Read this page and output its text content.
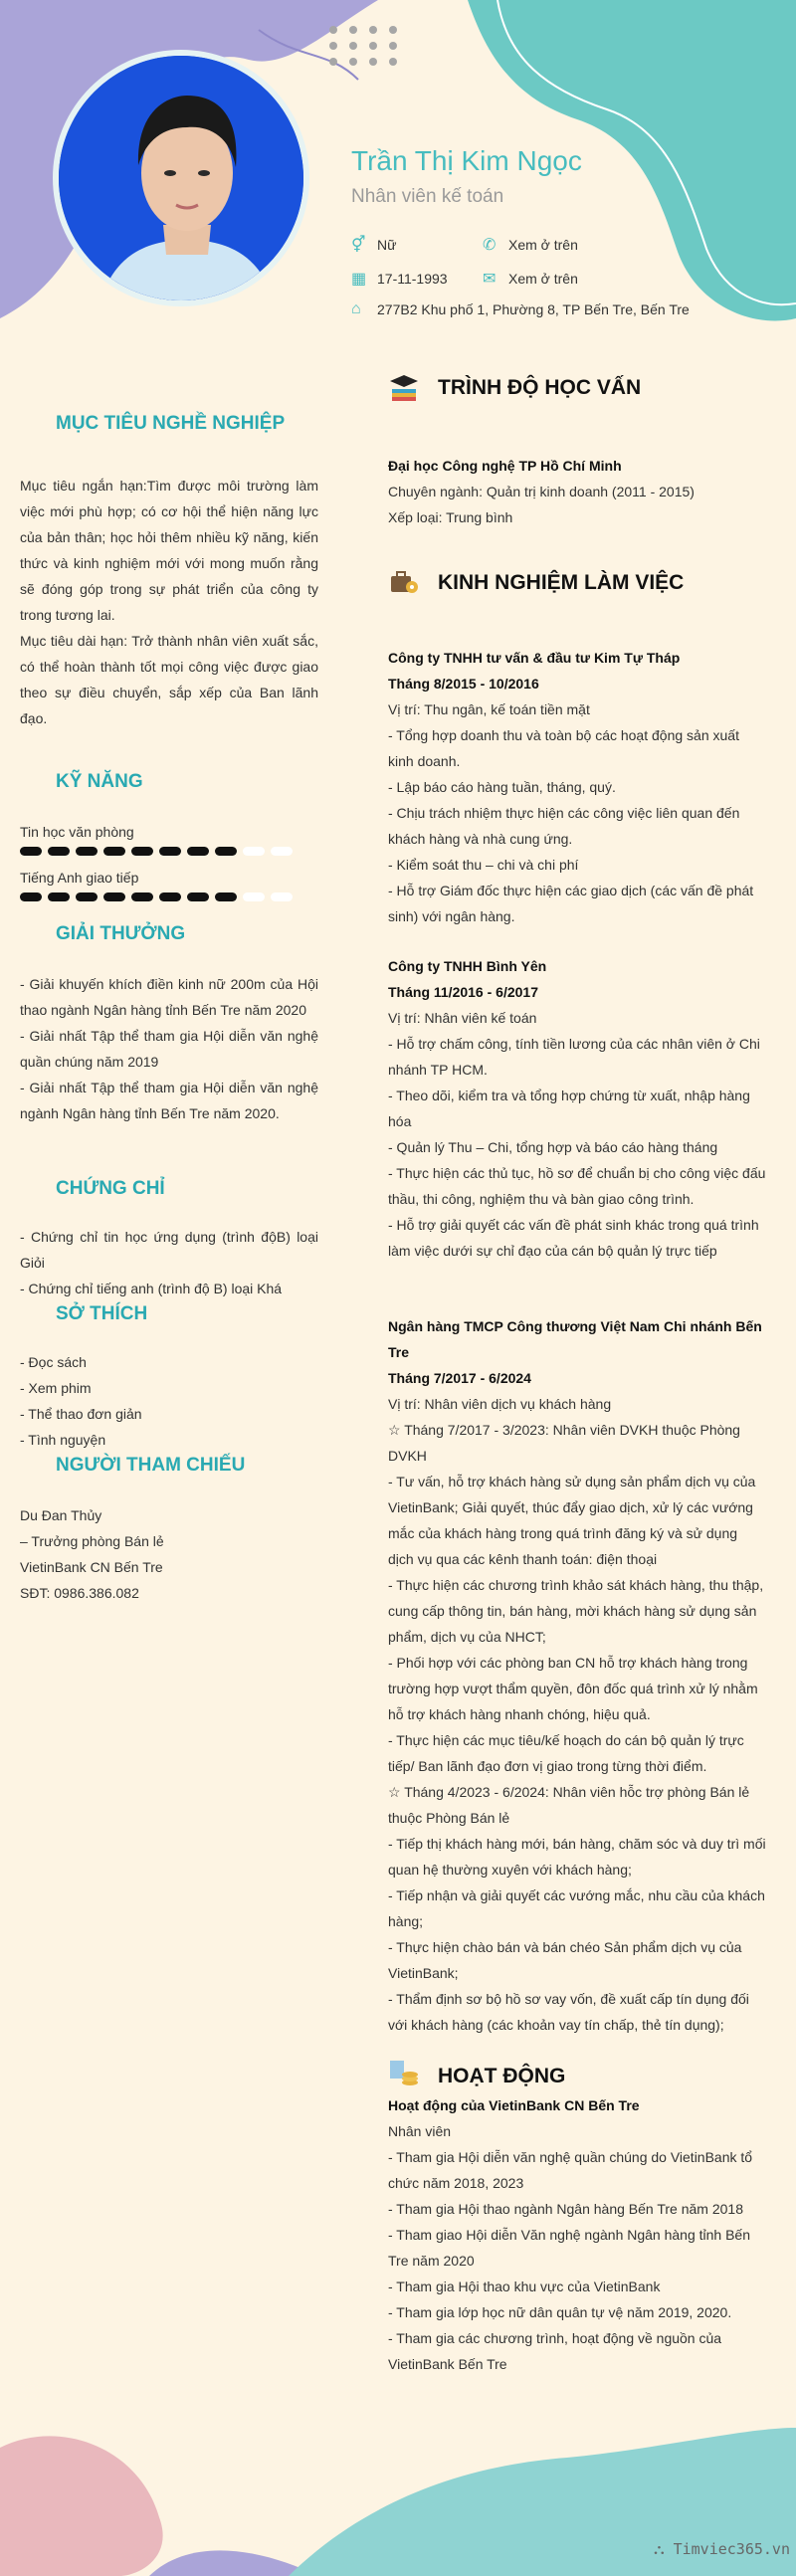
Trần Thị Kim Ngọc
Nhân viên kế toán
⚥ Nữ	✆ Xem ở trên
▦ 17-11-1993 ✉ Xem ở trên
⌂	277B2 Khu phố 1, Phường 8, TP Bến Tre, Bến Tre
MỤC TIÊU NGHỀ NGHIỆP

Mục tiêu ngắn hạn:Tìm được môi trường làm việc mới phù hợp; có cơ hội thể hiện năng lực của bản thân; học hỏi thêm nhiều kỹ năng, kiến thức và kinh nghiệm mới với mong muốn rằng sẽ đóng góp trong sự phát triển của công ty trong tương lai.

Mục tiêu dài hạn: Trở thành nhân viên xuất sắc, có thể hoàn thành tốt mọi công việc được giao theo sự điều chuyển, sắp xếp của Ban lãnh đạo.

KỸ NĂNG
Tin học văn phòng
Tiếng Anh giao tiếp
GIẢI THƯỞNG

- Giải khuyến khích điền kinh nữ 200m của Hội thao ngành Ngân hàng tỉnh Bến Tre năm 2020

- Giải nhất Tập thể tham gia Hội diễn văn nghệ quần chúng năm 2019

- Giải nhất Tập thể tham gia Hội diễn văn nghệ ngành Ngân hàng tỉnh Bến Tre năm 2020.

CHỨNG CHỈ

- Chứng chỉ tin học ứng dụng (trình độB) loại Giỏi

- Chứng chỉ tiếng anh (trình độ B) loại Khá

SỞ THÍCH

- Đọc sách

- Xem phim

- Thể thao đơn giản

- Tình nguyện

NGƯỜI THAM CHIẾU

Du Đan Thủy

– Trưởng phòng Bán lẻ

VietinBank CN Bến Tre

SĐT: 0986.386.082

TRÌNH ĐỘ HỌC VẤN

Đại học Công nghệ TP Hồ Chí Minh

Chuyên ngành: Quản trị kinh doanh (2011 - 2015)

Xếp loại: Trung bình

KINH NGHIỆM LÀM VIỆC

Công ty TNHH tư vấn & đầu tư Kim Tự Tháp

Tháng 8/2015 - 10/2016

Vị trí: Thu ngân, kế toán tiền mặt

- Tổng hợp doanh thu và toàn bộ các hoạt động sản xuất kinh doanh.

- Lập báo cáo hàng tuần, tháng, quý.

- Chịu trách nhiệm thực hiện các công việc liên quan đến khách hàng và nhà cung ứng.

- Kiểm soát thu – chi và chi phí

- Hỗ trợ Giám đốc thực hiện các giao dịch (các vấn đề phát sinh) với ngân hàng.

Công ty TNHH Bình Yên

Tháng 11/2016 - 6/2017

Vị trí: Nhân viên kế toán

- Hỗ trợ chấm công, tính tiền lương của các nhân viên ở Chi nhánh TP HCM.

- Theo dõi, kiểm tra và tổng hợp chứng từ xuất, nhập hàng hóa

- Quản lý Thu – Chi, tổng hợp và báo cáo hàng tháng

- Thực hiện các thủ tục, hồ sơ để chuẩn bị cho công việc đấu thầu, thi công, nghiệm thu và bàn giao công trình.

- Hỗ trợ giải quyết các vấn đề phát sinh khác trong quá trình làm việc dưới sự chỉ đạo của cán bộ quản lý trực tiếp

Ngân hàng TMCP Công thương Việt Nam Chi nhánh Bến Tre

Tháng 7/2017 - 6/2024

Vị trí: Nhân viên dịch vụ khách hàng

☆ Tháng 7/2017 - 3/2023: Nhân viên DVKH thuộc Phòng DVKH

- Tư vấn, hỗ trợ khách hàng sử dụng sản phẩm dịch vụ của VietinBank; Giải quyết, thúc đẩy giao dịch, xử lý các vướng mắc của khách hàng trong quá trình đăng ký và sử dụng dịch vụ qua các kênh thanh toán: điện thoại

- Thực hiện các chương trình khảo sát khách hàng, thu thập, cung cấp thông tin, bán hàng, mời khách hàng sử dụng sản phẩm, dịch vụ của NHCT;

- Phối hợp với các phòng ban CN hỗ trợ khách hàng trong trường hợp vượt thẩm quyền, đôn đốc quá trình xử lý nhằm hỗ trợ khách hàng nhanh chóng, hiệu quả.

- Thực hiện các mục tiêu/kế hoạch do cán bộ quản lý trực tiếp/ Ban lãnh đạo đơn vị giao trong từng thời điểm.

☆ Tháng 4/2023 - 6/2024: Nhân viên hỗc trợ phòng Bán lẻ thuộc Phòng Bán lẻ

- Tiếp thị khách hàng mới, bán hàng, chăm sóc và duy trì mối quan hệ thường xuyên với khách hàng;

- Tiếp nhận và giải quyết các vướng mắc, nhu cầu của khách hàng;

- Thực hiện chào bán và bán chéo Sản phẩm dịch vụ của VietinBank;

- Thẩm định sơ bộ hồ sơ vay vốn, đề xuất cấp tín dụng đối với khách hàng (các khoản vay tín chấp, thẻ tín dụng);

HOẠT ĐỘNG

Hoạt động của VietinBank CN Bến Tre

Nhân viên

- Tham gia Hội diễn văn nghệ quần chúng do VietinBank tổ chức năm 2018, 2023

- Tham gia Hội thao ngành Ngân hàng Bến Tre năm 2018

- Tham giao Hội diễn Văn nghệ ngành Ngân hàng tỉnh Bến Tre năm 2020

- Tham gia Hội thao khu vực của VietinBank

- Tham gia lớp học nữ dân quân tự vệ năm 2019, 2020.

- Tham gia các chương trình, hoạt động về nguồn của VietinBank Bến Tre

⛬ Timviec365.vn
